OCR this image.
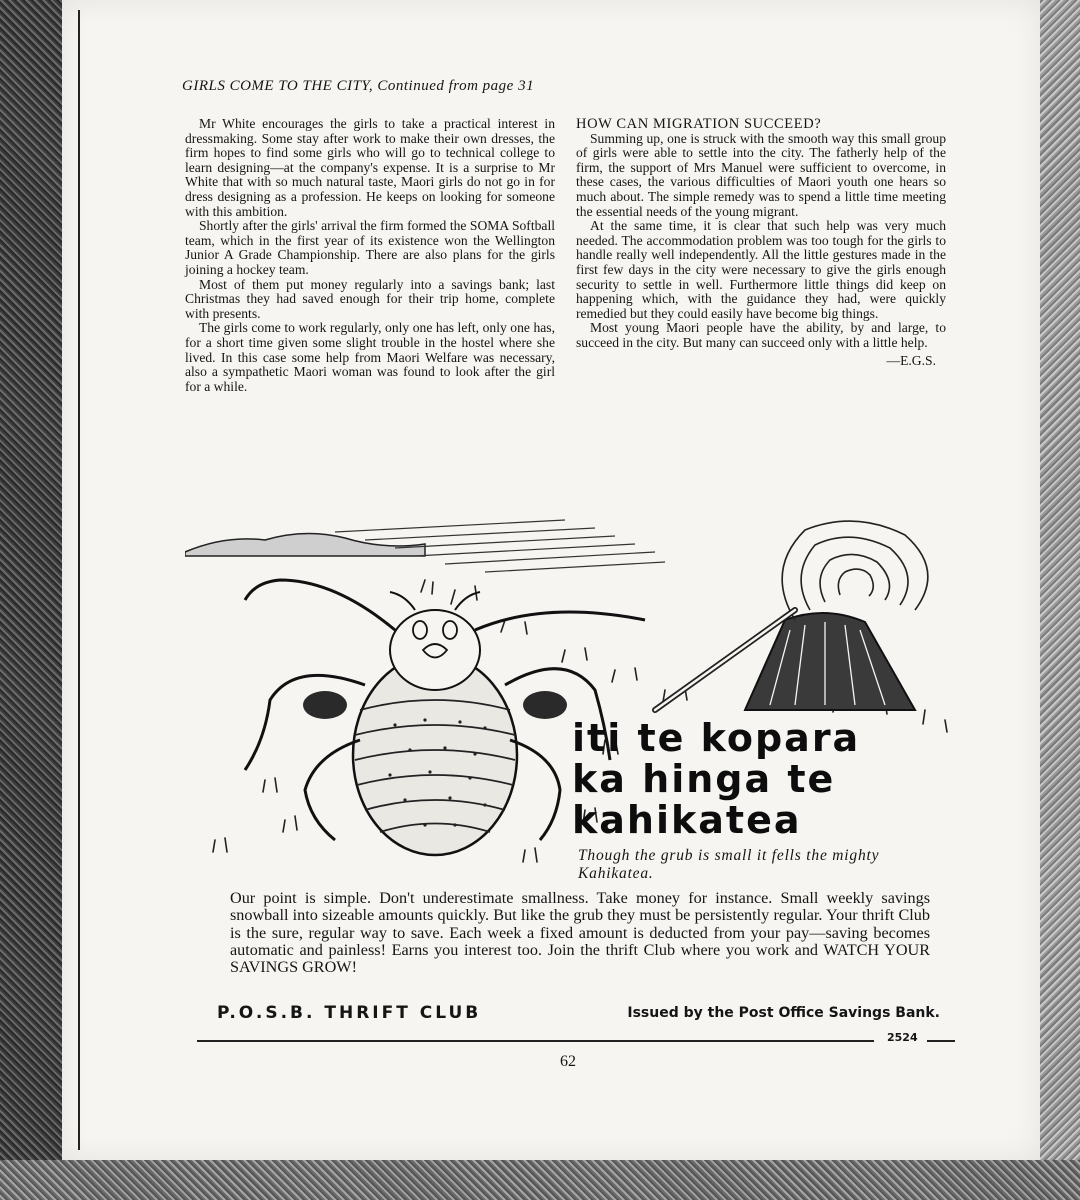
GIRLS COME TO THE CITY, Continued from page 31

Mr White encourages the girls to take a practical interest in dressmaking. Some stay after work to make their own dresses, the firm hopes to find some girls who will go to technical college to learn designing—at the company's expense. It is a surprise to Mr White that with so much natural taste, Maori girls do not go in for dress designing as a profession. He keeps on looking for someone with this ambition.

Shortly after the girls' arrival the firm formed the SOMA Softball team, which in the first year of its existence won the Wellington Junior A Grade Championship. There are also plans for the girls joining a hockey team.

Most of them put money regularly into a savings bank; last Christmas they had saved enough for their trip home, complete with presents.

The girls come to work regularly, only one has left, only one has, for a short time given some slight trouble in the hostel where she lived. In this case some help from Maori Welfare was necessary, also a sympathetic Maori woman was found to look after the girl for a while.

HOW CAN MIGRATION SUCCEED?

Summing up, one is struck with the smooth way this small group of girls were able to settle into the city. The fatherly help of the firm, the support of Mrs Manuel were sufficient to overcome, in these cases, the various difficulties of Maori youth one hears so much about. The simple remedy was to spend a little time meeting the essential needs of the young migrant.

At the same time, it is clear that such help was very much needed. The accommodation problem was too tough for the girls to handle really well independently. All the little gestures made in the first few days in the city were necessary to give the girls enough security to settle in well. Furthermore little things did keep on happening which, with the guidance they had, were quickly remedied but they could easily have become big things.

Most young Maori people have the ability, by and large, to succeed in the city. But many can succeed only with a little help.

—E.G.S.
iti te kopara
ka hinga te
kahikatea
Though the grub is small it fells the mighty Kahikatea.
Our point is simple. Don't underestimate smallness. Take money for instance. Small weekly savings snowball into sizeable amounts quickly. But like the grub they must be persistently regular. Your thrift Club is the sure, regular way to save. Each week a fixed amount is deducted from your pay—saving becomes automatic and painless! Earns you interest too. Join the thrift Club where you work and WATCH YOUR SAVINGS GROW!
P.O.S.B. THRIFT CLUB	Issued by the Post Office Savings Bank.
2524
62
